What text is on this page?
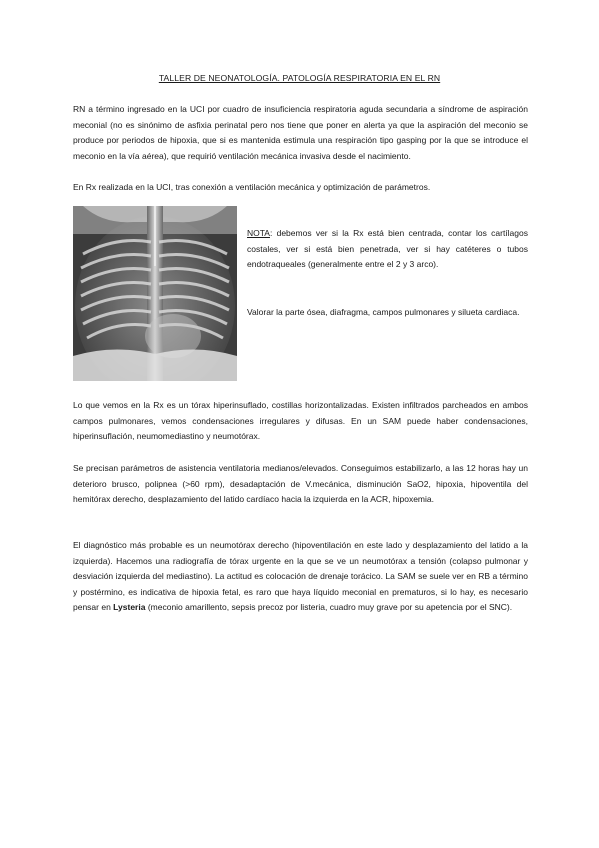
TALLER DE NEONATOLOGÍA. PATOLOGÍA RESPIRATORIA EN EL RN

RN a término ingresado en la UCI por cuadro de insuficiencia respiratoria aguda secundaria a síndrome de aspiración meconial (no es sinónimo de asfixia perinatal pero nos tiene que poner en alerta ya que la aspiración del meconio se produce por periodos de hipoxia, que si es mantenida estimula una respiración tipo gasping por la que se introduce el meconio en la vía aérea), que requirió ventilación mecánica invasiva desde el nacimiento.

En Rx realizada en la UCI, tras conexión a ventilación mecánica y optimización de parámetros.

NOTA: debemos ver si la Rx está bien centrada, contar los cartílagos costales, ver si está bien penetrada, ver si hay catéteres o tubos endotraqueales (generalmente entre el 2 y 3 arco).

Valorar la parte ósea, diafragma, campos pulmonares y silueta cardiaca.

Lo que vemos en la Rx es un tórax hiperinsuflado, costillas horizontalizadas. Existen infiltrados parcheados en ambos campos pulmonares, vemos condensaciones irregulares y difusas. En un SAM puede haber condensaciones, hiperinsuflación, neumomediastino y neumotórax.

Se precisan parámetros de asistencia ventilatoria medianos/elevados. Conseguimos estabilizarlo, a las 12 horas hay un deterioro brusco, polipnea (>60 rpm), desadaptación de V.mecánica, disminución SaO2, hipoxia, hipoventila del hemitórax derecho, desplazamiento del latido cardíaco hacia la izquierda en la ACR, hipoxemia.

El diagnóstico más probable es un neumotórax derecho (hipoventilación en este lado y desplazamiento del latido a la izquierda). Hacemos una radiografía de tórax urgente en la que se ve un neumotórax a tensión (colapso pulmonar y desviación izquierda del mediastino). La actitud es colocación de drenaje torácico. La SAM se suele ver en RB a término y postérmino, es indicativa de hipoxia fetal, es raro que haya líquido meconial en prematuros, si lo hay, es necesario pensar en Lysteria (meconio amarillento, sepsis precoz por listeria, cuadro muy grave por su apetencia por el SNC).
